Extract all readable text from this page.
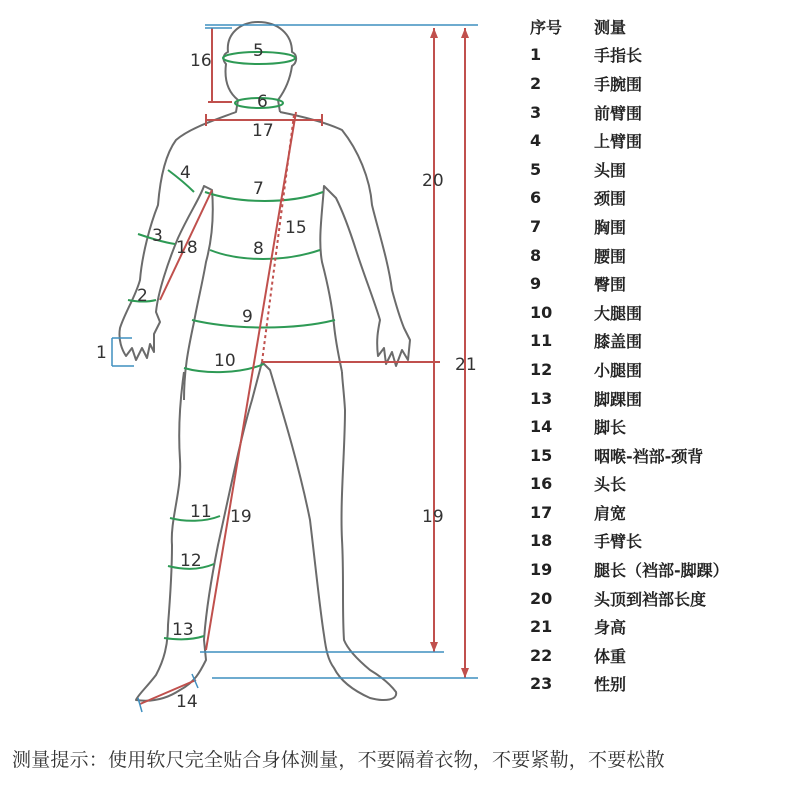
5
16
6
17
4
7	20
15
3
18	8
2
9
1	10	21
11 19	19
12
13
14
序号	测量
1	手指长
2	手腕围
3	前臂围
4	上臂围
5	头围
6	颈围
7	胸围
8	腰围
9	臀围
10	大腿围
11	膝盖围
12	小腿围
13	脚踝围
14	脚长
15	咽喉-裆部-颈背
16	头长
17	肩宽
18	手臂长
19	腿长（裆部-脚踝）
20	头顶到裆部长度
21	身高
22	体重
23	性别
测量提示：使用软尺完全贴合身体测量，不要隔着衣物，不要紧勒，不要松散
